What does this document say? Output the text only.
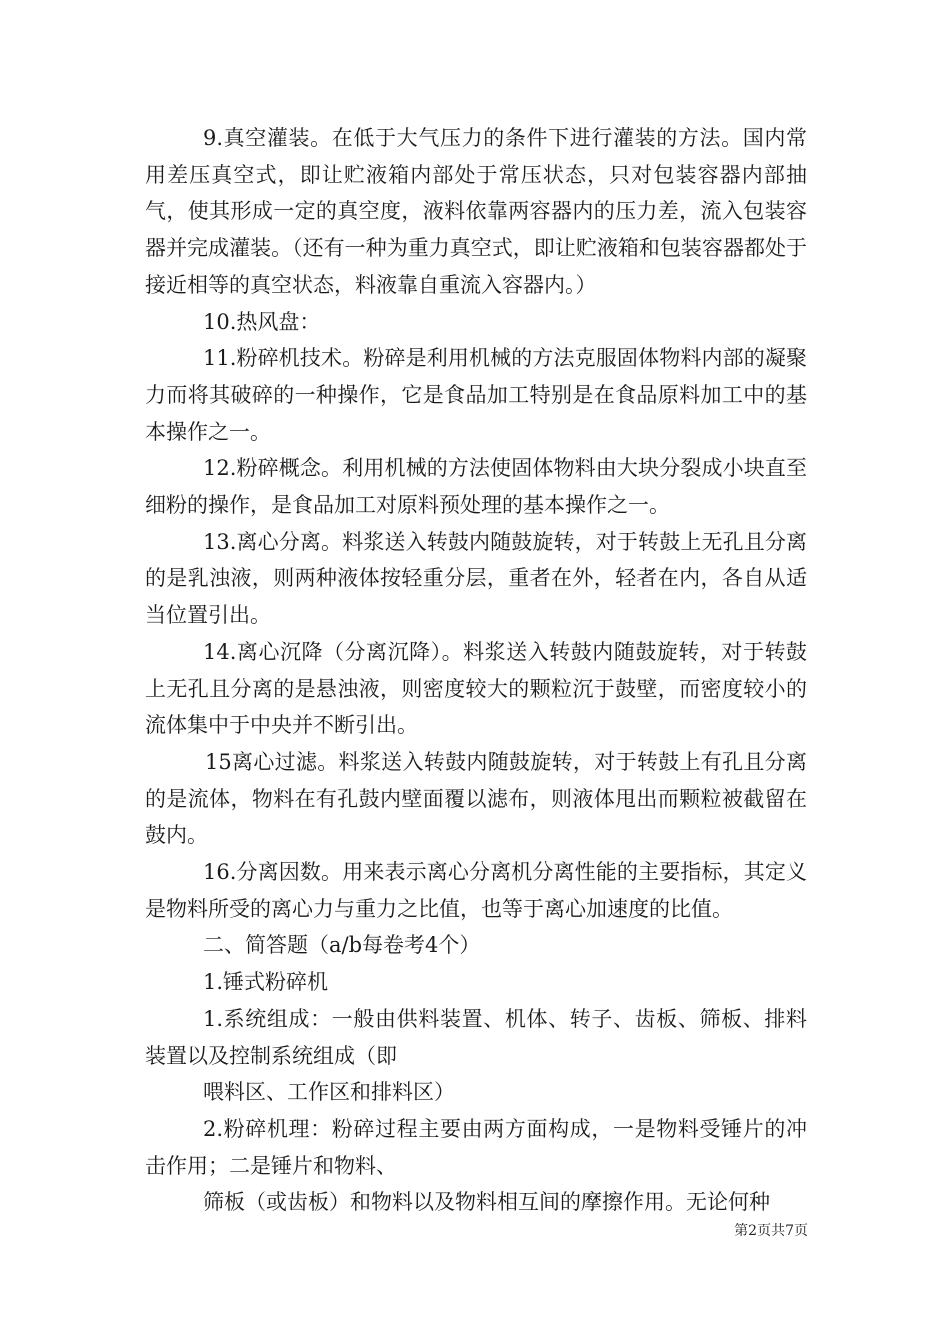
9.真空灌装。在低于大气压力的条件下进行灌装的方法。国内常用差压真空式，即让贮液箱内部处于常压状态，只对包装容器内部抽气，使其形成一定的真空度，液料依靠两容器内的压力差，流入包装容器并完成灌装。（还有一种为重力真空式，即让贮液箱和包装容器都处于接近相等的真空状态，料液靠自重流入容器内。）

10.热风盘：

11.粉碎机技术。粉碎是利用机械的方法克服固体物料内部的凝聚力而将其破碎的一种操作，它是食品加工特别是在食品原料加工中的基本操作之一。

12.粉碎概念。利用机械的方法使固体物料由大块分裂成小块直至细粉的操作，是食品加工对原料预处理的基本操作之一。

13.离心分离。料浆送入转鼓内随鼓旋转，对于转鼓上无孔且分离的是乳浊液，则两种液体按轻重分层，重者在外，轻者在内，各自从适当位置引出。

14.离心沉降（分离沉降）。料浆送入转鼓内随鼓旋转，对于转鼓上无孔且分离的是悬浊液，则密度较大的颗粒沉于鼓壁，而密度较小的流体集中于中央并不断引出。

15离心过滤。料浆送入转鼓内随鼓旋转，对于转鼓上有孔且分离的是流体，物料在有孔鼓内壁面覆以滤布，则液体甩出而颗粒被截留在鼓内。

16.分离因数。用来表示离心分离机分离性能的主要指标，其定义是物料所受的离心力与重力之比值，也等于离心加速度的比值。

二、简答题（a/b每卷考4个）

1.锤式粉碎机

1.系统组成：一般由供料装置、机体、转子、齿板、筛板、排料装置以及控制系统组成（即

喂料区、工作区和排料区）

2.粉碎机理：粉碎过程主要由两方面构成，一是物料受锤片的冲击作用；二是锤片和物料、

筛板（或齿板）和物料以及物料相互间的摩擦作用。无论何种

第2页共7页
